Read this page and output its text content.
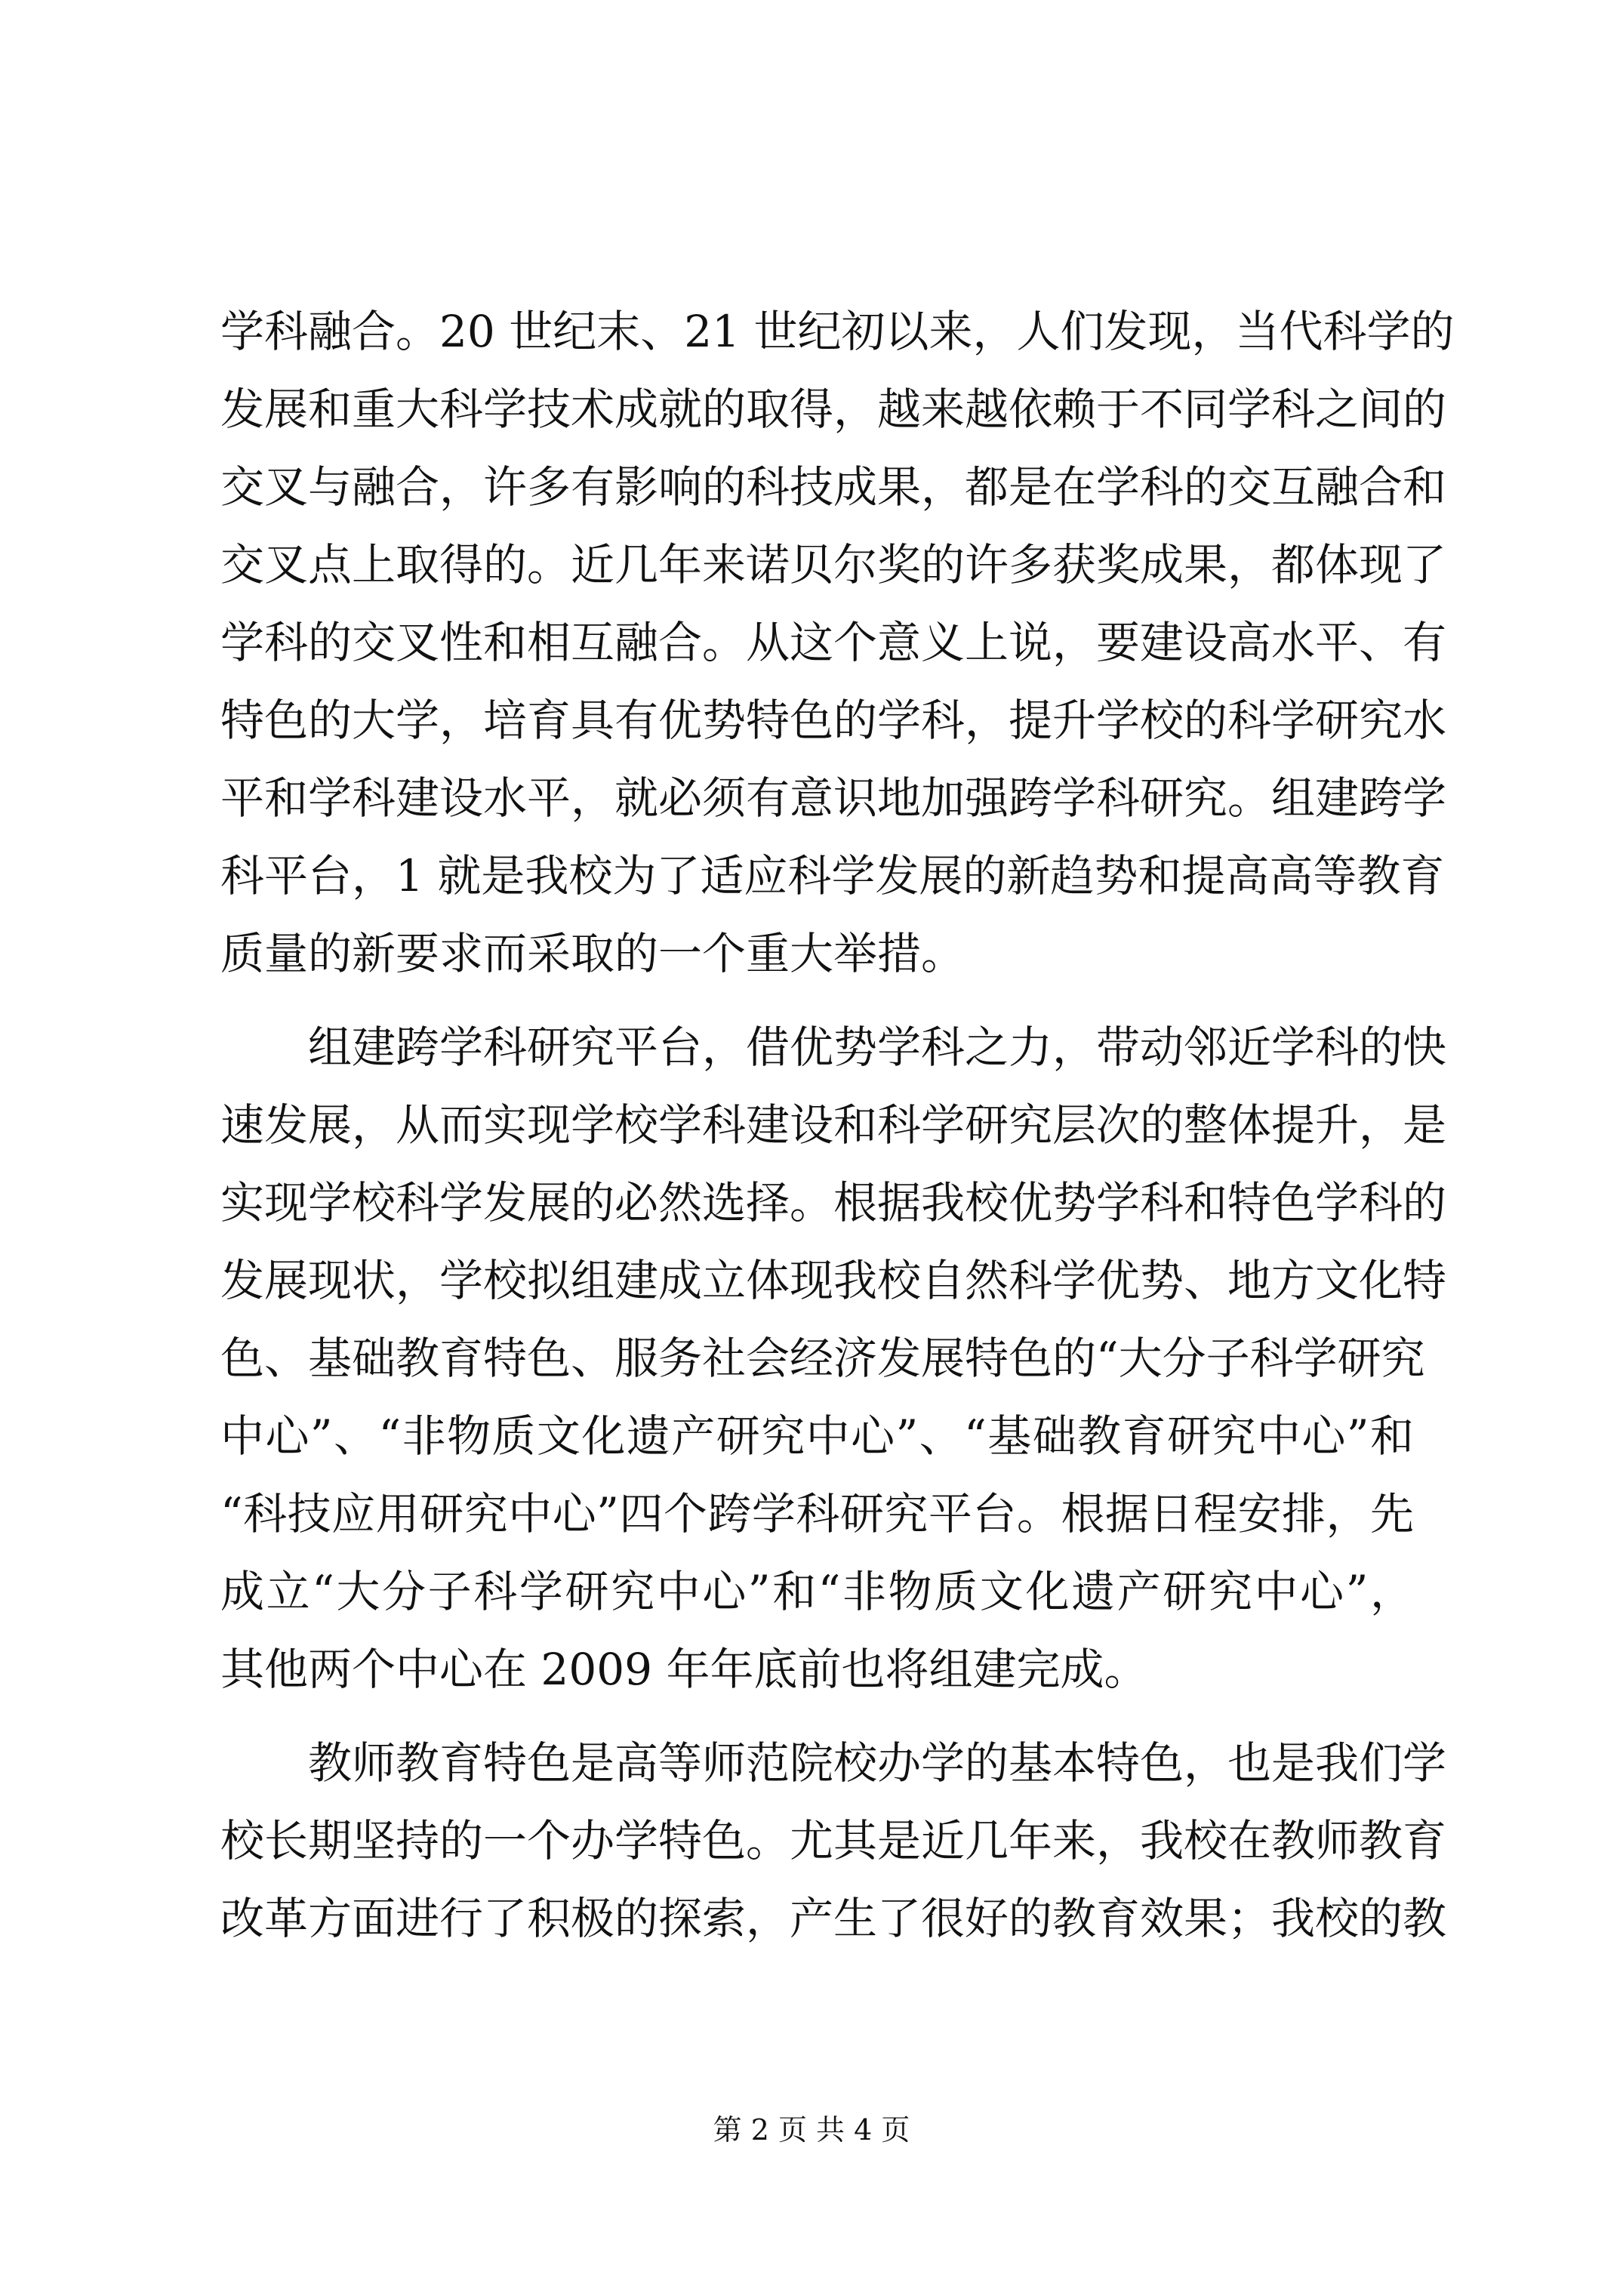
学科融合。20 世纪末、21 世纪初以来，人们发现，当代科学的
发展和重大科学技术成就的取得，越来越依赖于不同学科之间的
交叉与融合，许多有影响的科技成果，都是在学科的交互融合和
交叉点上取得的。近几年来诺贝尔奖的许多获奖成果，都体现了
学科的交叉性和相互融合。从这个意义上说，要建设高水平、有
特色的大学，培育具有优势特色的学科，提升学校的科学研究水
平和学科建设水平，就必须有意识地加强跨学科研究。组建跨学
科平台，1 就是我校为了适应科学发展的新趋势和提高高等教育
质量的新要求而采取的一个重大举措。
　　组建跨学科研究平台，借优势学科之力，带动邻近学科的快
速发展，从而实现学校学科建设和科学研究层次的整体提升，是
实现学校科学发展的必然选择。根据我校优势学科和特色学科的
发展现状，学校拟组建成立体现我校自然科学优势、地方文化特
色、基础教育特色、服务社会经济发展特色的“大分子科学研究
中心”、“非物质文化遗产研究中心”、“基础教育研究中心”和
“科技应用研究中心”四个跨学科研究平台。根据日程安排，先
成立“大分子科学研究中心”和“非物质文化遗产研究中心”，
其他两个中心在 2009 年年底前也将组建完成。
　　教师教育特色是高等师范院校办学的基本特色，也是我们学
校长期坚持的一个办学特色。尤其是近几年来，我校在教师教育
改革方面进行了积极的探索，产生了很好的教育效果；我校的教
第 2 页 共 4 页
